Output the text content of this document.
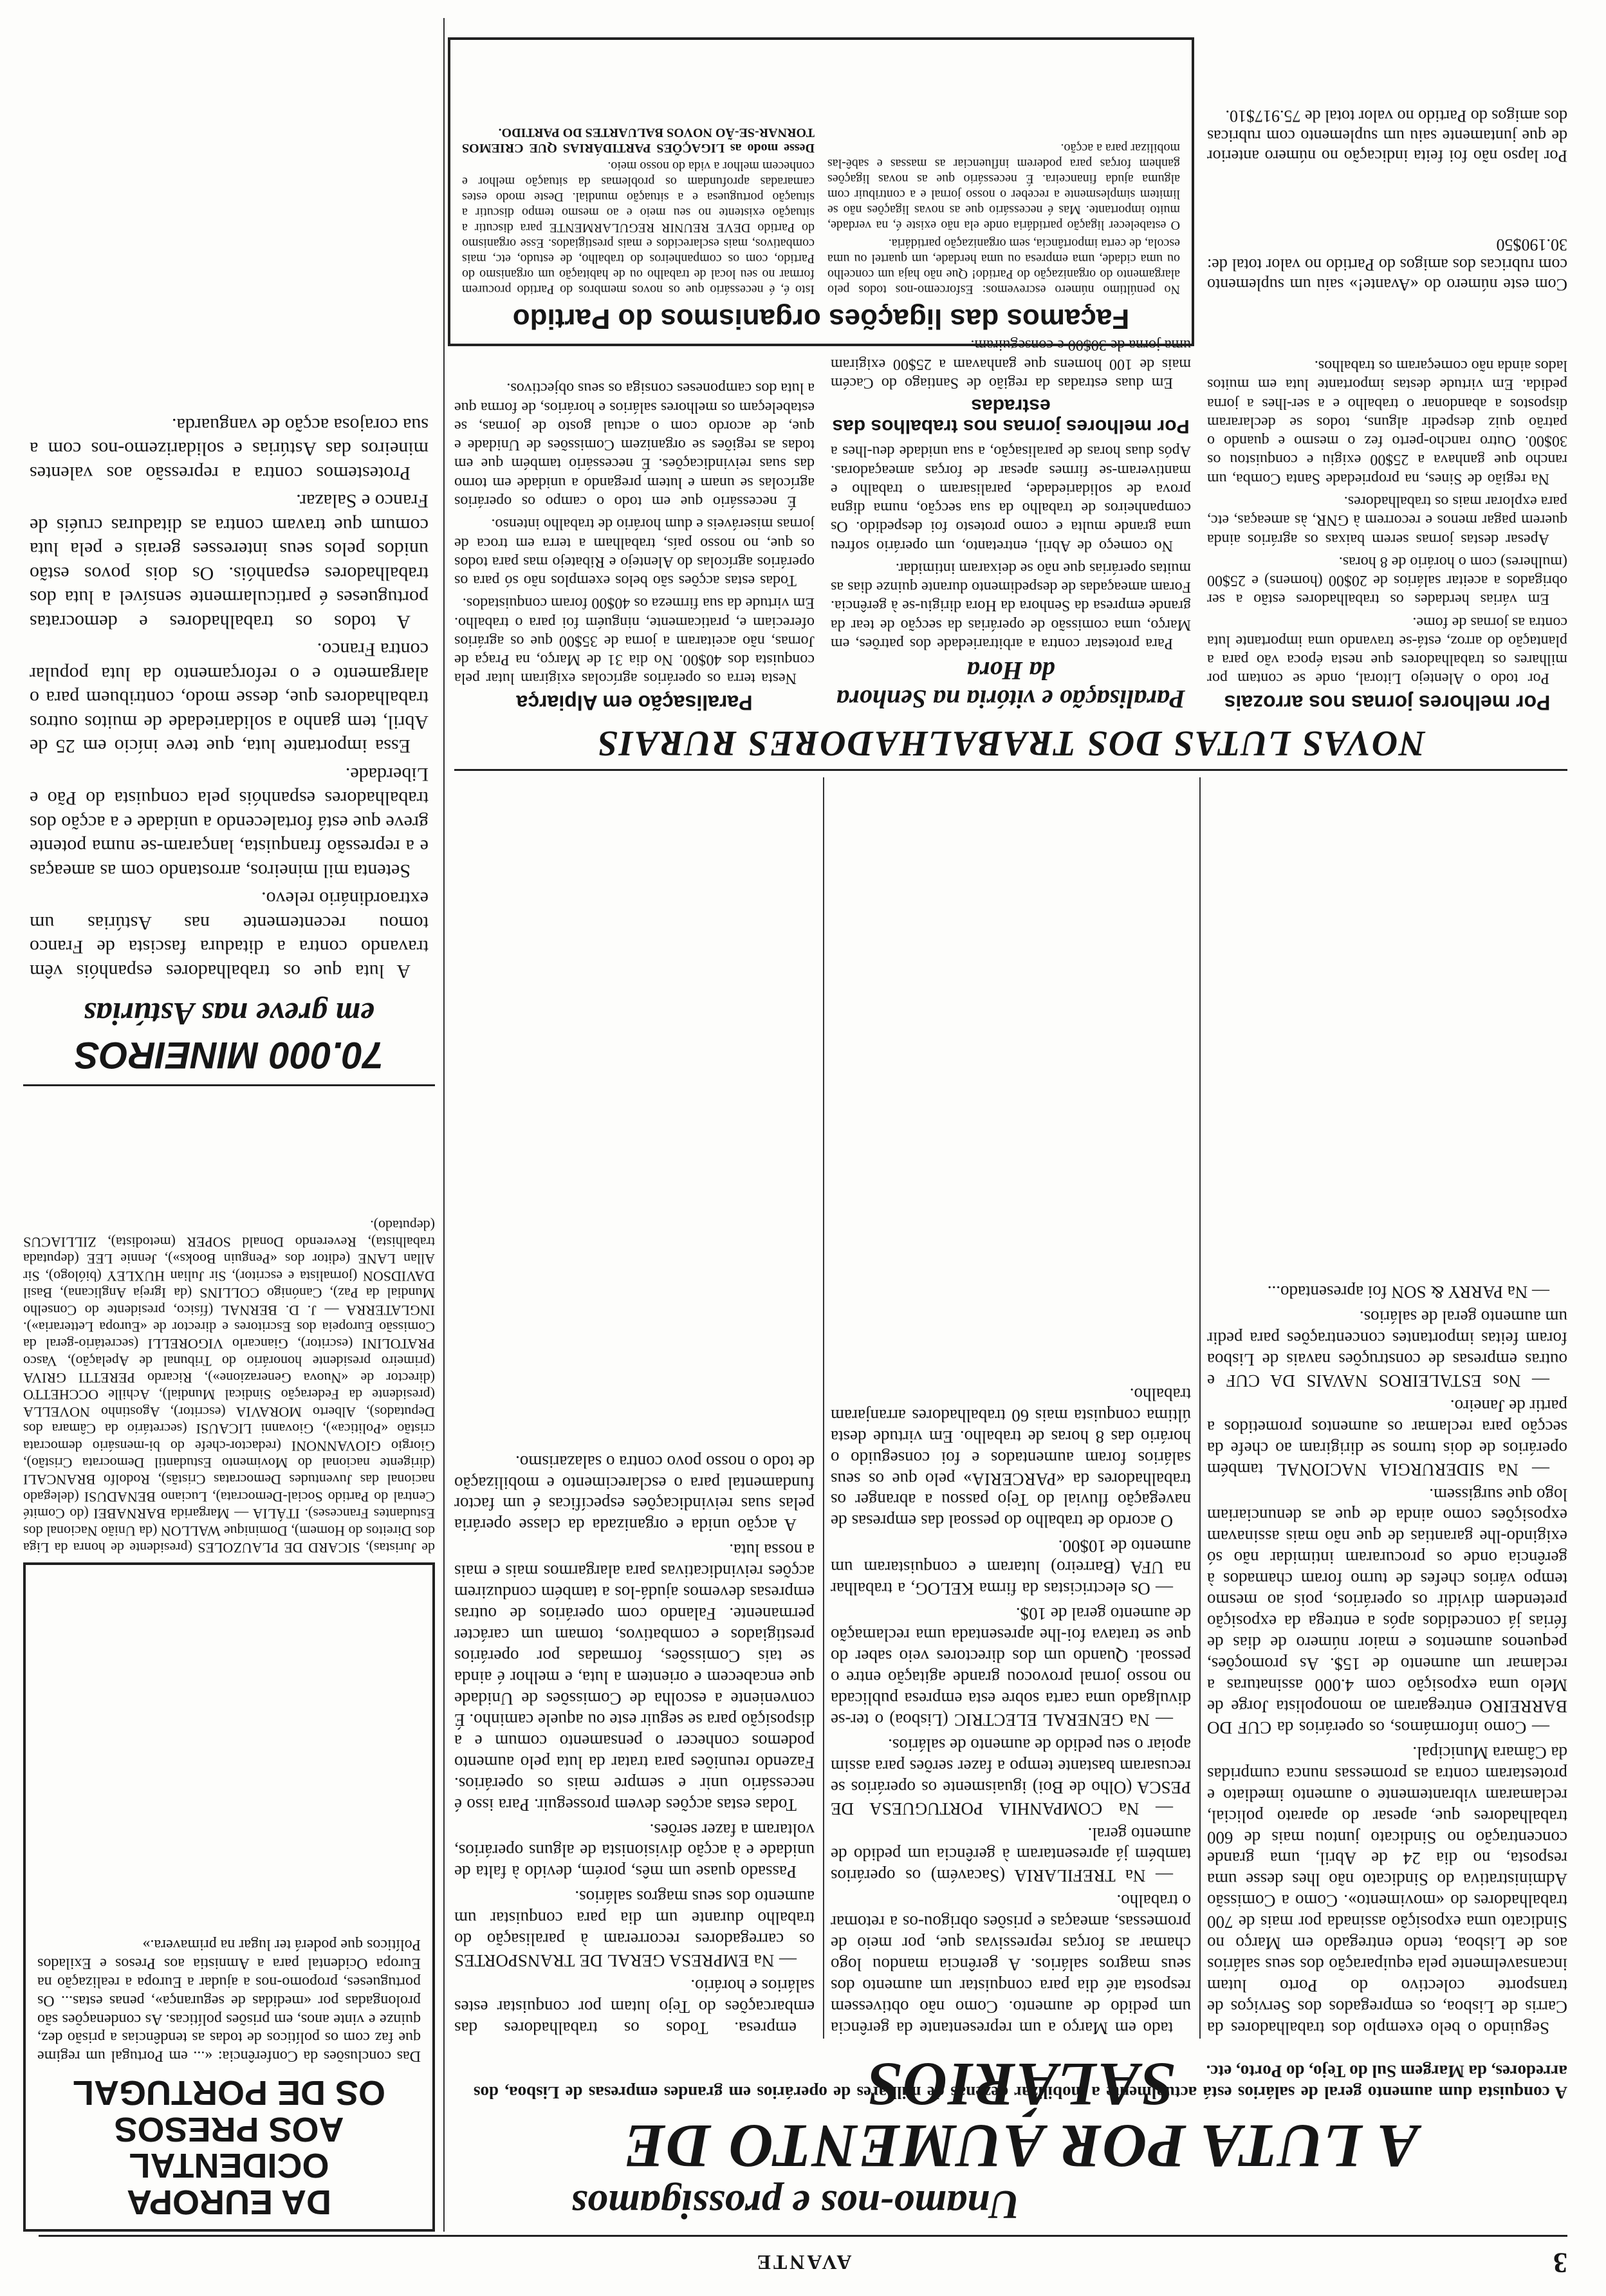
3
AVANTE
Unamo-nos e prossigamos
A LUTA POR AUMENTO DE SALÁRIOS
A conquista dum aumento geral de salários está actualmente a mobilizar dezenas de milhares de operários em grandes empresas de Lisboa, dos arredores, da Margem Sul do Tejo, do Porto, etc.

Seguindo o belo exemplo dos trabalhadores da Carris de Lisboa, os empregados dos Serviços de transporte colectivo do Porto lutam incansavelmente pela equiparação dos seus salários aos de Lisboa, tendo entregado em Março no Sindicato uma exposição assinada por mais de 700 trabalhadores do «movimento». Como a Comissão Administrativa do Sindicato não lhes desse uma resposta, no dia 24 de Abril, uma grande concentração no Sindicato juntou mais de 600 trabalhadores que, apesar do aparato policial, reclamaram vibrantemente o aumento imediato e protestaram contra as promessas nunca cumpridas da Câmara Municipal.

— Como informámos, os operários da CUF DO BARREIRO entregaram ao monopolista Jorge de Melo uma exposição com 4.000 assinaturas a reclamar um aumento de 15$. As promoções, pequenos aumentos e maior número de dias de férias já concedidos após a entrega da exposição pretendem dividir os operários, pois ao mesmo tempo vários chefes de turno foram chamados à gerência onde os procuraram intimidar não só exigindo-lhe garantias de que não mais assinavam exposições como ainda de que as denunciariam logo que surgissem.

— Na SIDERURGIA NACIONAL também operários de dois turnos se dirigiram ao chefe da secção para reclamar os aumentos prometidos a partir de Janeiro.

— Nos ESTALEIROS NAVAIS DA CUF e outras empresas de construções navais de Lisboa foram feitas importantes concentrações para pedir um aumento geral de salários.

— Na PARRY & SON foi apresentado...

tado em Março a um representante da gerência um pedido de aumento. Como não obtivessem resposta até dia para conquistar um aumento dos seus magros salários. A gerência mandou logo chamar as forças repressivas que, por meio de promessas, ameaças e prisões obrigou-os a retomar o trabalho.

— Na TREFILARIA (Sacavém) os operários também já apresentaram à gerência um pedido de aumento geral.

— Na COMPANHIA PORTUGUESA DE PESCA (Olho de Boi) iguaismente os operários se recusaram bastante tempo a fazer serões para assim apoiar o seu pedido de aumento de salários.

— Na GENERAL ELECTRIC (Lisboa) o ter-se divulgado uma carta sobre esta empresa publicada no nosso jornal provocou grande agitação entre o pessoal. Quando um dos directores veio saber do que se tratava foi-lhe apresentada uma reclamação de aumento geral de 10$.

— Os electricistas da firma KELOG, a trabalhar na UFA (Barreiro) lutaram e conquistaram um aumento de 10$00.

O acordo de trabalho do pessoal das empresas de navegação fluvial do Tejo passou a abranger os trabalhadores da «PARCERIA» pelo que os seus salários foram aumentados e foi conseguido o horário das 8 horas de trabalho. Em virtude desta última conquista mais 60 trabalhadores arranjaram trabalho.

empresa. Todos os trabalhadores das embarcações do Tejo lutam por conquistar estes salários e horário.

— Na EMPRESA GERAL DE TRANSPORTES os carregadores recorreram à paralisação do trabalho durante um dia para conquistar um aumento dos seus magros salários.

Passado quase um mês, porém, devido à falta de unidade e à acção divisionista de alguns operários, voltaram a fazer serões.

Todas estas acções devem prosseguir. Para isso é necessário unir e sempre mais os operários. Fazendo reuniões para tratar da luta pelo aumento podemos conhecer o pensamento comum e a disposição para se seguir este ou aquele caminho. É conveniente a escolha de Comissões de Unidade que encabecem e orientem a luta, e melhor é ainda se tais Comissões, formadas por operários prestigiados e combativos, tomam um carácter permanente. Falando com operários de outras empresas devemos ajudá-los a também conduzirem acções reivindicativas para alargarmos mais e mais a nossa luta.

A acção unida e organizada da classe operária pelas suas reivindicações específicas é um factor fundamental para o esclarecimento e mobilização de todo o nosso povo contra o salazarismo.

DA EUROPA OCIDENTAL
AOS PRESOS
OS DE PORTUGAL
Das conclusões da Conferência: «... em Portugal um regime que faz com os políticos de todas as tendências a prisão dez, quinze e vinte anos, em prisões políticas. As condenações são prolongadas por «medidas de segurança», penas estas... Os portugueses, propomo-nos a ajudar a Europa a realização na Europa Ocidental para a Amnistia aos Presos e Exilados Políticos que poderá ter lugar na primavera.»
de Juristas), SICARD DE PLAUZOLES (presidente de honra da Liga dos Direitos do Homem), Dominique WALLON (da União Nacional dos Estudantes Franceses). ITÁLIA — Margarida BARNABEI (do Comité Central do Partido Social-Democrata), Luciano BENADUSI (delegado nacional das Juventudes Democratas Cristãs), Rodolfo BRANCALI (dirigente nacional do Movimento Estudantil Democrata Cristão), Giorgio GIOVANNONI (redactor-chefe do bi-mensário democrata cristão «Politica»), Giovanni LICAUSI (secretário da Câmara dos Deputados), Alberto MORAVIA (escritor), Agostinho NOVELLA (presidente da Federação Sindical Mundial), Achille OCCHETTO (director de «Nuova Generazione»), Ricardo PERETTI GRIVA (primeiro presidente honorário do Tribunal de Apelação), Vasco PRATOLINI (escritor), Giancarlo VIGORELLI (secretário-geral da Comissão Europeia dos Escritores e director de «Europa Letteraria»). INGLATERRA — J. D. BERNAL (físico, presidente do Conselho Mundial da Paz), Canónigo COLLINS (da Igreja Anglicana), Basil DAVIDSON (jornalista e escritor), Sir Julian HUXLEY (biólogo), Sir Allan LANE (editor dos «Penguin Books»), Jennie LEE (deputada trabalhista), Reverendo Donald SOPER (metodista), ZILLIACUS (deputado).
70.000 MINEIROS
em greve nas Astúrias

A luta que os trabalhadores espanhóis vêm travando contra a ditadura fascista de Franco tomou recentemente nas Astúrias um extraordinário relevo.

Setenta mil mineiros, arrostando com as ameaças e a repressão franquista, lançaram-se numa potente greve que está fortalecendo a unidade e a acção dos trabalhadores espanhóis pela conquista do Pão e Liberdade.

Essa importante luta, que teve início em 25 de Abril, tem ganho a solidariedade de muitos outros trabalhadores que, desse modo, contribuem para o alargamento e o reforçamento da luta popular contra Franco.

A todos os trabalhadores e democratas portugueses é particularmente sensível a luta dos trabalhadores espanhóis. Os dois povos estão unidos pelos seus interesses gerais e pela luta comum que travam contra as ditaduras cruéis de Franco e Salazar.

Protestemos contra a repressão aos valentes mineiros das Astúrias e solidarizemo-nos com a sua corajosa acção de vanguarda.

NOVAS LUTAS DOS TRABALHADORES RURAIS
Por melhores jornas nos arrozais

Por todo o Alentejo Litoral, onde se contam por milhares os trabalhadores que nesta época vão para a plantação do arroz, está-se travando uma importante luta contra as jornas de fome.

Em várias herdades os trabalhadores estão a ser obrigados a aceitar salários de 20$00 (homens) e 25$00 (mulheres) com o horário de 8 horas.

Apesar destas jornas serem baixas os agrários ainda querem pagar menos e recorrem à GNR, às ameaças, etc, para explorar mais os trabalhadores.

Na região de Sines, na propriedade Santa Comba, um rancho que ganhava a 25$00 exigiu e conquistou os 30$00. Outro rancho-perto fez o mesmo e quando o patrão quiz despedir alguns, todos se declararam dispostos a abandonar o trabalho e a ser-lhes a jorna pedida. Em virtude destas importante luta em muitos lados ainda não começaram os trabalhos.

Paralisação e vitória na Senhora da Hora

Para protestar contra a arbitrariedade dos patrões, em Março, uma comissão de operárias da secção de tear da grande empresa da Senhora da Hora dirigiu-se à gerência. Foram ameaçadas de despedimento durante quinze dias as muitas operárias que não se deixaram intimidar.

No começo de Abril, entretanto, um operário sofreu uma grande multa e como protesto foi despedido. Os companheiros de trabalho da sua secção, numa digna prova de solidariedade, paralisaram o trabalho e mantiveram-se firmes apesar de forças ameaçadoras. Após duas horas de paralisação, a sua unidade deu-lhes a

Por melhores jornas nos trabalhos das estradas

Em duas estradas da região de Santiago do Cacém mais de 100 homens que ganhavam a 25$00 exigiram uma jorna de 30$00 e conseguiram.

Paralisação em Alpiarça

Nesta terra os operários agrícolas exigiram lutar pela conquista dos 40$00. No dia 31 de Março, na Praça de Jornas, não aceitaram a jorna de 35$00 que os agrários ofereciam e, praticamente, ninguém foi para o trabalho. Em virtude da sua firmeza os 40$00 foram conquistados.

Todas estas acções são belos exemplos não só para os operários agrícolas do Alentejo e Ribatejo mas para todos os que, no nosso país, trabalham a terra em troca de jornas miseráveis e dum horário de trabalho intenso.

É necessário que em todo o campo os operários agrícolas se unam e lutem pregando a unidade em torno das suas reivindicações. É necessário também que em todas as regiões se organizem Comissões de Unidade e que, de acordo com o actual gosto de jornas, se estabeleçam os melhores salários e horários, de forma que a luta dos camponeses consiga os seus objectivos.

Façamos das ligações organismos do Partido

No penúltimo número escrevemos: Esforcemo-nos todos pelo alargamento do organização do Partido! Que não haja um concelho ou uma cidade, uma empresa ou uma herdade, um quartel ou uma escola, de certa importância, sem organização partidária.

O estabelecer ligação partidária onde ela não existe é, na verdade, muito importante. Mas é necessário que as novas ligações não se limitem simplesmente a receber o nosso jornal e a contribuir com alguma ajuda financeira. É necessário que as novas ligações ganhem forças para poderem influenciar as massas e sabê-las mobilizar para a acção.

Isto é, é necessário que os novos membros do Partido procurem formar no seu local de trabalho ou de habitação um organismo do Partido, com os companheiros do trabalho, de estudo, etc, mais combativos, mais esclarecidos e mais prestigiados. Esse organismo do Partido DEVE REUNIR REGULARMENTE para discutir a situação existente no seu meio e ao mesmo tempo discutir a situação portuguesa e a situação mundial. Deste modo estes camaradas aprofundam os problemas da situação melhor e conhecem melhor a vida do nosso meio.

Desse modo as LIGAÇÕES PARTIDÁRIAS QUE CRIEMOS TORNAR-SE-ÃO NOVOS BALUARTES DO PARTIDO.

Com este número do «Avante!» saiu um suplemento com rubricas dos amigos do Partido no valor total de: 30.190$50
Por lapso não foi feita indicação no número anterior de que juntamente saiu um suplemento com rubricas dos amigos do Partido no valor total de 75.917$10.
